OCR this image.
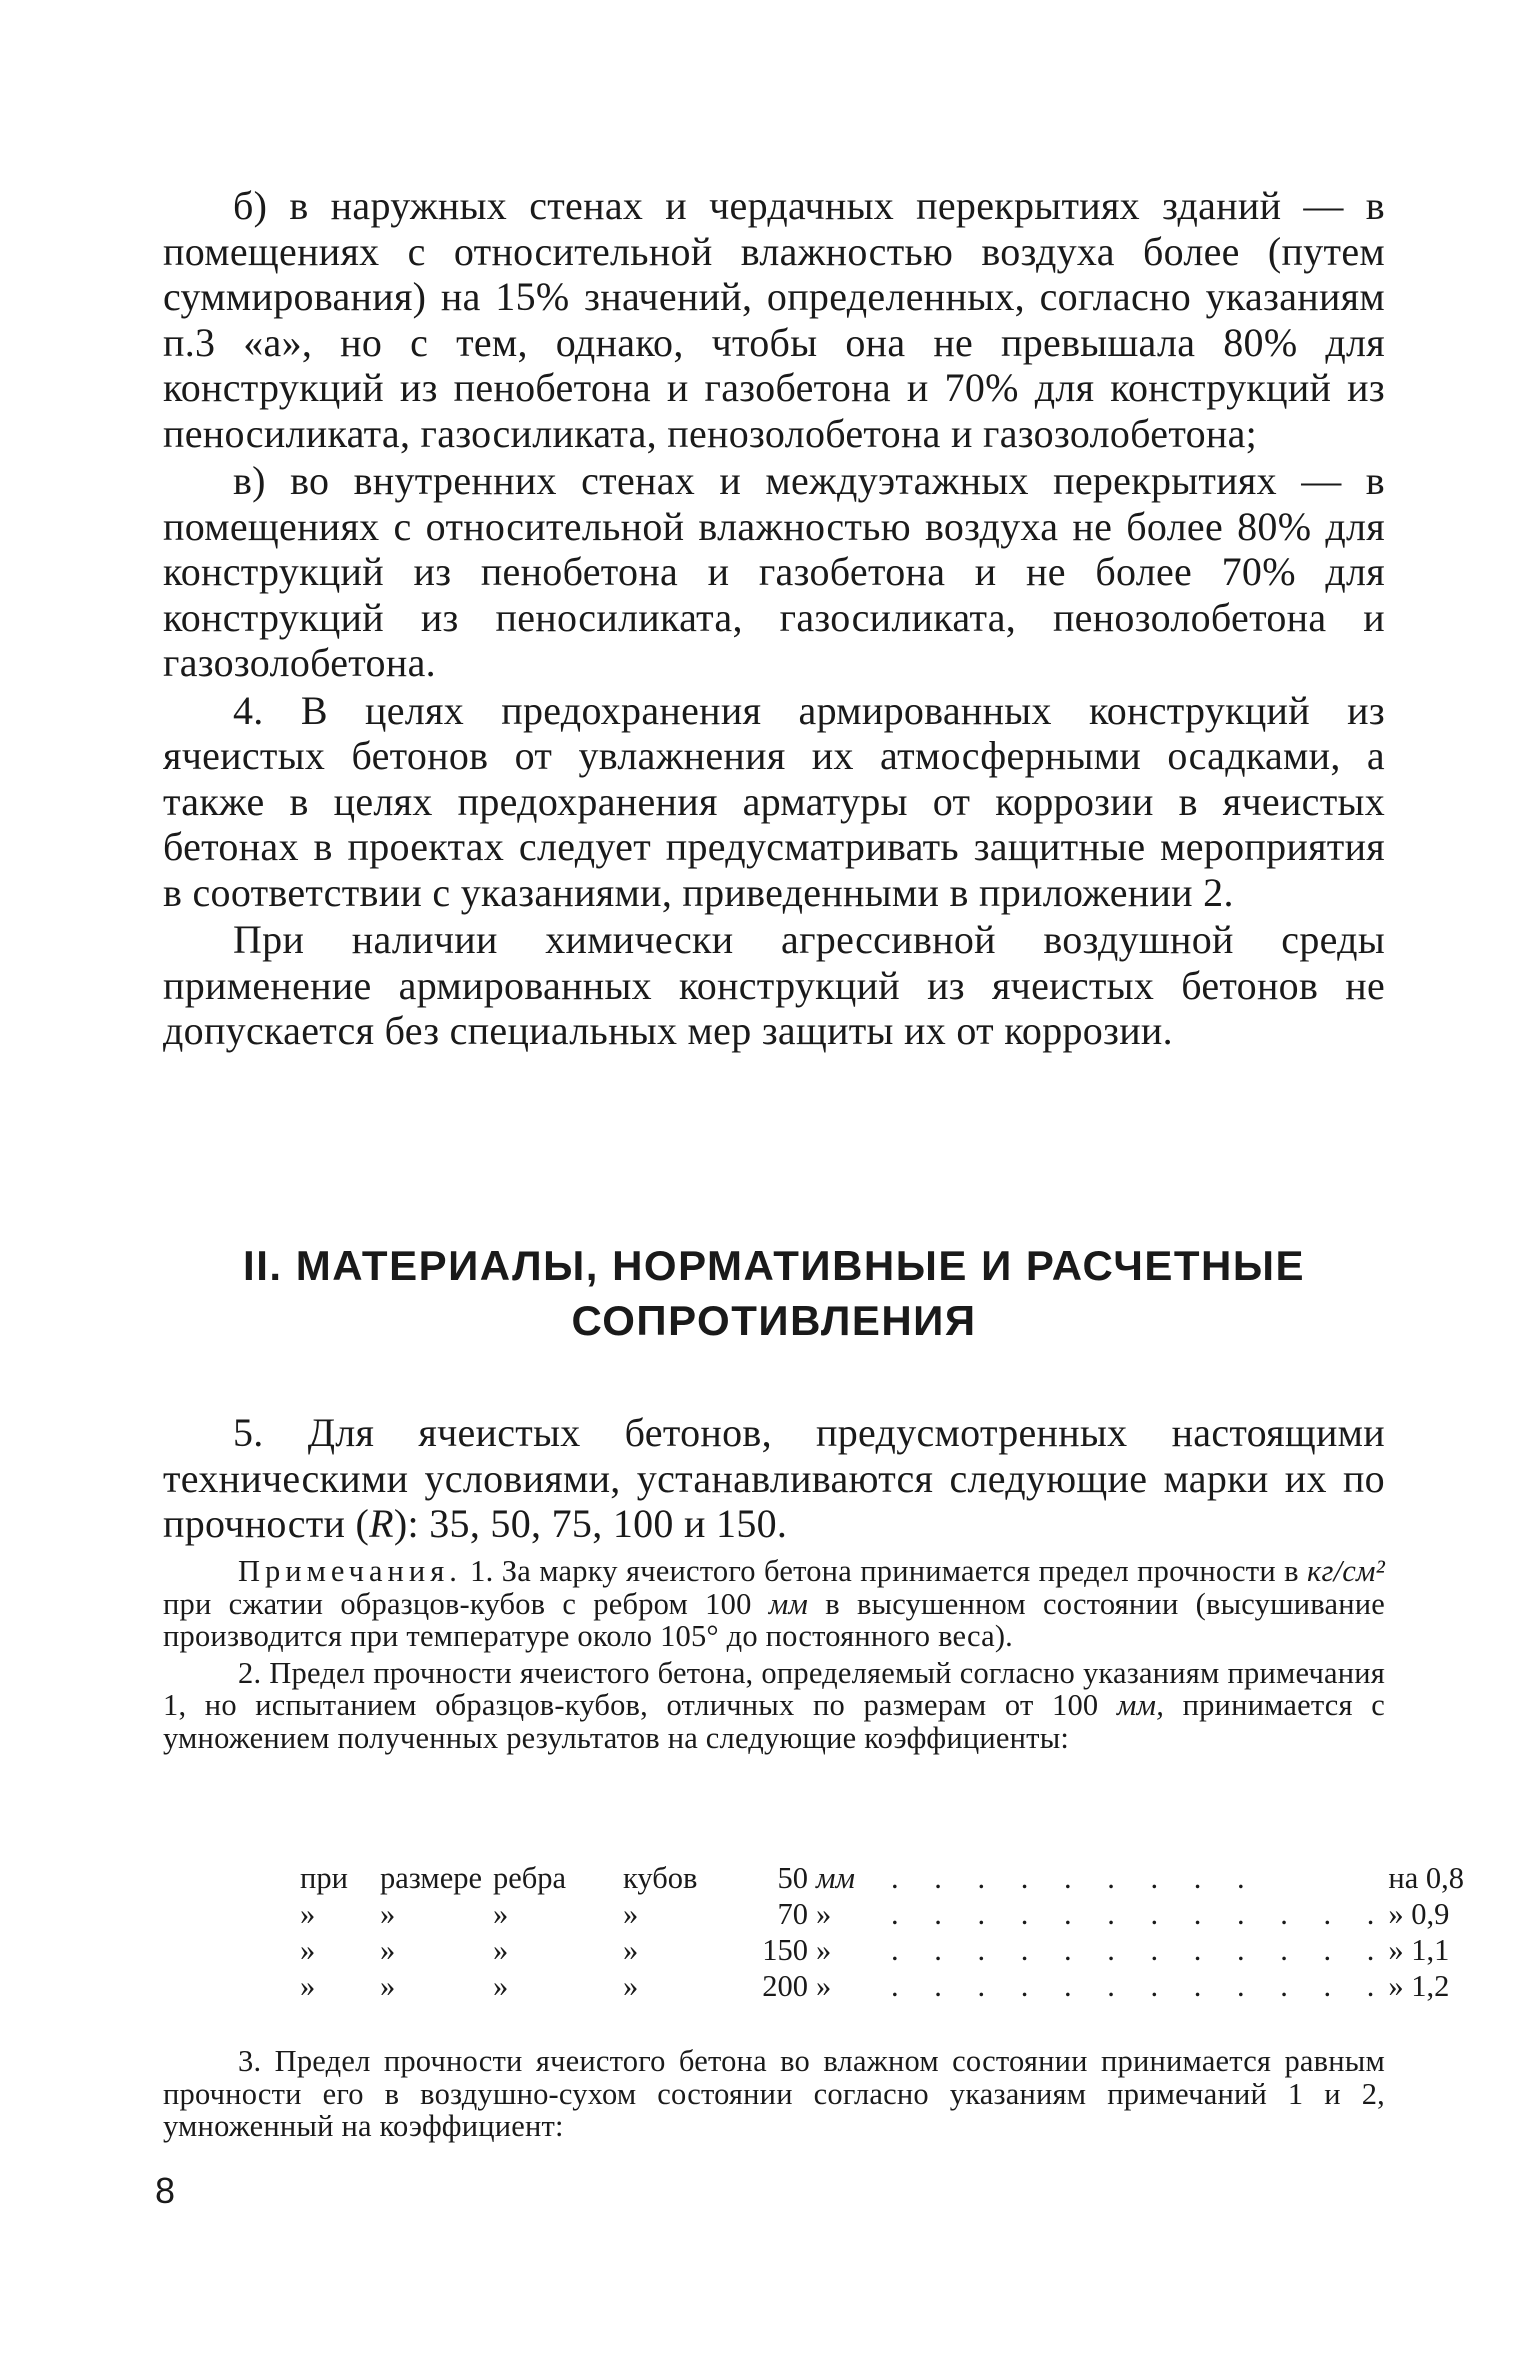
б) в наружных стенах и чердачных перекрытиях зданий — в помещениях с относительной влажностью воздуха более (путем суммирования) на 15% значений, определенных, согласно указаниям п.3 «а», но с тем, однако, чтобы она не превышала 80% для конструкций из пенобетона и газобетона и 70% для конструкций из пеносиликата, газосиликата, пенозолобетона и газозолобетона;

в) во внутренних стенах и междуэтажных перекрытиях — в помещениях с относительной влажностью воздуха не более 80% для конструкций из пенобетона и газобетона и не более 70% для конструкций из пеносиликата, газосиликата, пенозолобетона и газозолобетона.

4. В целях предохранения армированных конструкций из ячеистых бетонов от увлажнения их атмосферными осадками, а также в целях предохранения арматуры от коррозии в ячеистых бетонах в проектах следует предусматривать защитные мероприятия в соответствии с указаниями, приведенными в приложении 2.

При наличии химически агрессивной воздушной среды применение армированных конструкций из ячеистых бетонов не допускается без специальных мер защиты их от коррозии.

II. МАТЕРИАЛЫ, НОРМАТИВНЫЕ И РАСЧЕТНЫЕ
СОПРОТИВЛЕНИЯ

5. Для ячеистых бетонов, предусмотренных настоящими техническими условиями, устанавливаются следующие марки их по прочности (R): 35, 50, 75, 100 и 150.

Примечания. 1. За марку ячеистого бетона принимается предел прочности в кг/см² при сжатии образцов-кубов с ребром 100 мм в высушенном состоянии (высушивание производится при температуре около 105° до постоянного веса).

2. Предел прочности ячеистого бетона, определяемый согласно указаниям примечания 1, но испытанием образцов-кубов, отличных по размерам от 100 мм, принимается с умножением полученных результатов на следующие коэффициенты:

при	размере	ребра	кубов	50	мм	. . . . . . . . .	на 0,8
»	»	»	»	70	»	. . . . . . . . . . . .	» 0,9
»	»	»	»	150	»	. . . . . . . . . . . .	» 1,1
»	»	»	»	200	»	. . . . . . . . . . . .	» 1,2

3. Предел прочности ячеистого бетона во влажном состоянии принимается равным прочности его в воздушно-сухом состоянии согласно указаниям примечаний 1 и 2, умноженный на коэффициент:

8
